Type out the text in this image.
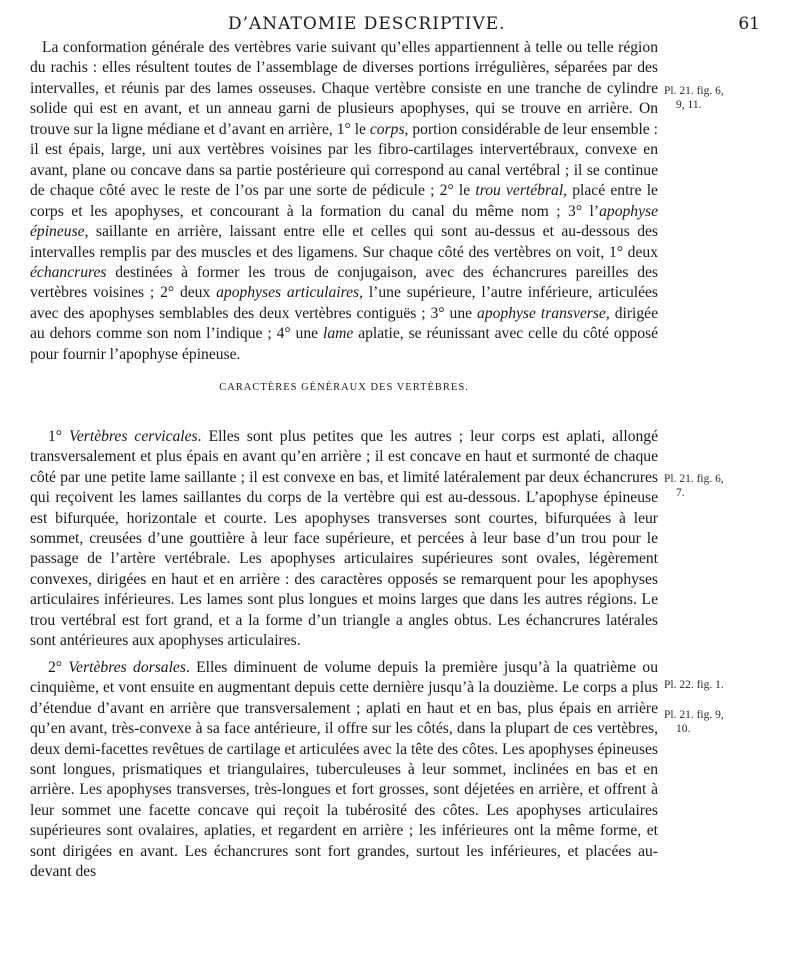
D’ANATOMIE DESCRIPTIVE.	61

La conformation générale des vertèbres varie suivant qu’elles appartiennent à telle ou telle région du rachis : elles résultent toutes de l’assemblage de diverses portions irrégulières, séparées par des intervalles, et réunis par des lames osseuses. Chaque vertèbre consiste en une tranche de cylindre solide qui est en avant, et un anneau garni de plusieurs apophyses, qui se trouve en arrière. On trouve sur la ligne médiane et d’avant en arrière, 1° le corps, portion considérable de leur ensemble : il est épais, large, uni aux vertèbres voisines par les fibro-cartilages intervertébraux, convexe en avant, plane ou concave dans sa partie postérieure qui correspond au canal vertébral ; il se continue de chaque côté avec le reste de l’os par une sorte de pédicule ; 2° le trou vertébral, placé entre le corps et les apophyses, et concourant à la formation du canal du même nom ; 3° l’apophyse épineuse, saillante en arrière, laissant entre elle et celles qui sont au-dessus et au-dessous des intervalles remplis par des muscles et des ligamens. Sur chaque côté des vertèbres on voit, 1° deux échancrures destinées à former les trous de conjugaison, avec des échancrures pareilles des vertèbres voisines ; 2° deux apophyses articulaires, l’une supérieure, l’autre inférieure, articulées avec des apophyses semblables des deux vertèbres contiguës ; 3° une apophyse transverse, dirigée au dehors comme son nom l’indique ; 4° une lame aplatie, se réunissant avec celle du côté opposé pour fournir l’apophyse épineuse.

CARACTÈRES GÉNÉRAUX DES VERTÈBRES.

1° Vertèbres cervicales. Elles sont plus petites que les autres ; leur corps est aplati, allongé transversalement et plus épais en avant qu’en arrière ; il est concave en haut et surmonté de chaque côté par une petite lame saillante ; il est convexe en bas, et limité latéralement par deux échancrures qui reçoivent les lames saillantes du corps de la vertèbre qui est au-dessous. L’apophyse épineuse est bifurquée, horizontale et courte. Les apophyses transverses sont courtes, bifurquées à leur sommet, creusées d’une gouttière à leur face supérieure, et percées à leur base d’un trou pour le passage de l’artère vertébrale. Les apophyses articulaires supérieures sont ovales, légèrement convexes, dirigées en haut et en arrière : des caractères opposés se remarquent pour les apophyses articulaires inférieures. Les lames sont plus longues et moins larges que dans les autres régions. Le trou vertébral est fort grand, et a la forme d’un triangle a angles obtus. Les échancrures latérales sont antérieures aux apophyses articulaires.

2° Vertèbres dorsales. Elles diminuent de volume depuis la première jusqu’à la quatrième ou cinquième, et vont ensuite en augmentant depuis cette dernière jusqu’à la douzième. Le corps a plus d’étendue d’avant en arrière que transversalement ; aplati en haut et en bas, plus épais en arrière qu’en avant, très-convexe à sa face antérieure, il offre sur les côtés, dans la plupart de ces vertèbres, deux demi-facettes revêtues de cartilage et articulées avec la tête des côtes. Les apophyses épineuses sont longues, prismatiques et triangulaires, tuberculeuses à leur sommet, inclinées en bas et en arrière. Les apophyses transverses, très-longues et fort grosses, sont déjetées en arrière, et offrent à leur sommet une facette concave qui reçoit la tubérosité des côtes. Les apophyses articulaires supérieures sont ovalaires, aplaties, et regardent en arrière ; les inférieures ont la même forme, et sont dirigées en avant. Les échancrures sont fort grandes, surtout les inférieures, et placées au-devant des

Pl. 21. fig. 6,
9, 11.
Pl. 21. fig. 6,
7.
Pl. 22. fig. 1.
Pl. 21. fig. 9,
10.
